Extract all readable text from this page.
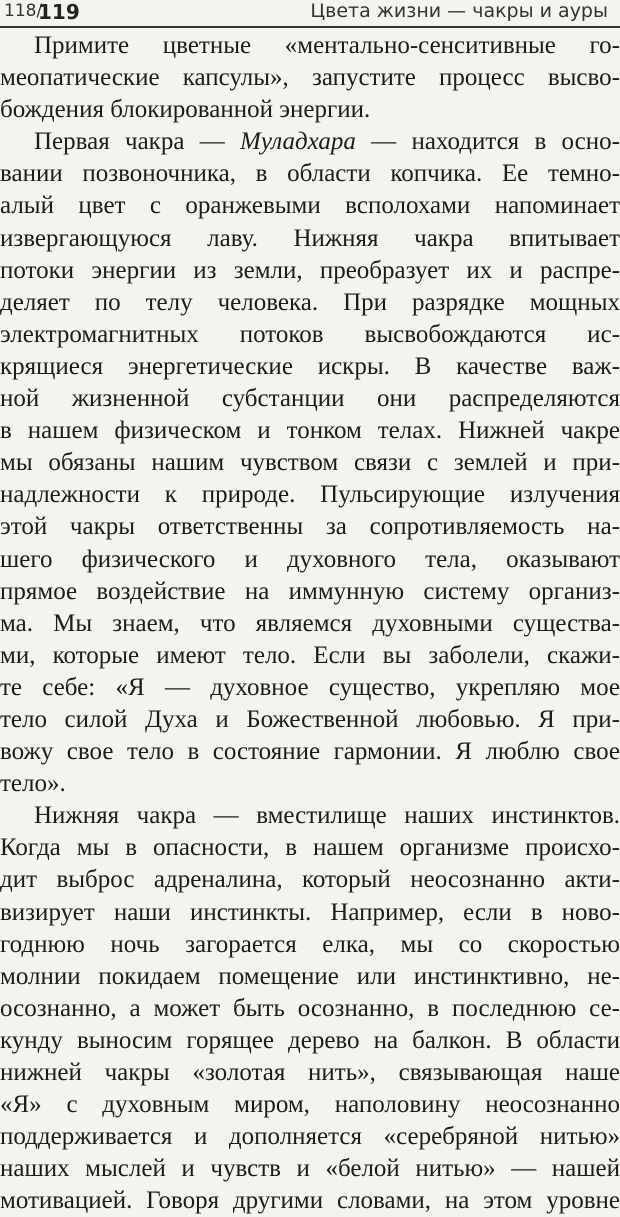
118/
119	Цвета жизни — чакры и ауры
Примите цветные «ментально-сенситивные го-
меопатические капсулы», запустите процесс высво-
бождения блокированной энергии.
Первая чакра — Муладхара — находится в осно-
вании позвоночника, в области копчика. Ее темно-
алый цвет с оранжевыми всполохами напоминает
извергающуюся лаву. Нижняя чакра впитывает
потоки энергии из земли, преобразует их и распре-
деляет по телу человека. При разрядке мощных
электромагнитных потоков высвобождаются ис-
крящиеся энергетические искры. В качестве важ-
ной жизненной субстанции они распределяются
в нашем физическом и тонком телах. Нижней чакре
мы обязаны нашим чувством связи с землей и при-
надлежности к природе. Пульсирующие излучения
этой чакры ответственны за сопротивляемость на-
шего физического и духовного тела, оказывают
прямое воздействие на иммунную систему организ-
ма. Мы знаем, что являемся духовными существа-
ми, которые имеют тело. Если вы заболели, скажи-
те себе: «Я — духовное существо, укрепляю мое
тело силой Духа и Божественной любовью. Я при-
вожу свое тело в состояние гармонии. Я люблю свое
тело».
Нижняя чакра — вместилище наших инстинктов.
Когда мы в опасности, в нашем организме происхо-
дит выброс адреналина, который неосознанно акти-
визирует наши инстинкты. Например, если в ново-
годнюю ночь загорается елка, мы со скоростью
молнии покидаем помещение или инстинктивно, не-
осознанно, а может быть осознанно, в последнюю се-
кунду выносим горящее дерево на балкон. В области
нижней чакры «золотая нить», связывающая наше
«Я» с духовным миром, наполовину неосознанно
поддерживается и дополняется «серебряной нитью»
наших мыслей и чувств и «белой нитью» — нашей
мотивацией. Говоря другими словами, на этом уровне
